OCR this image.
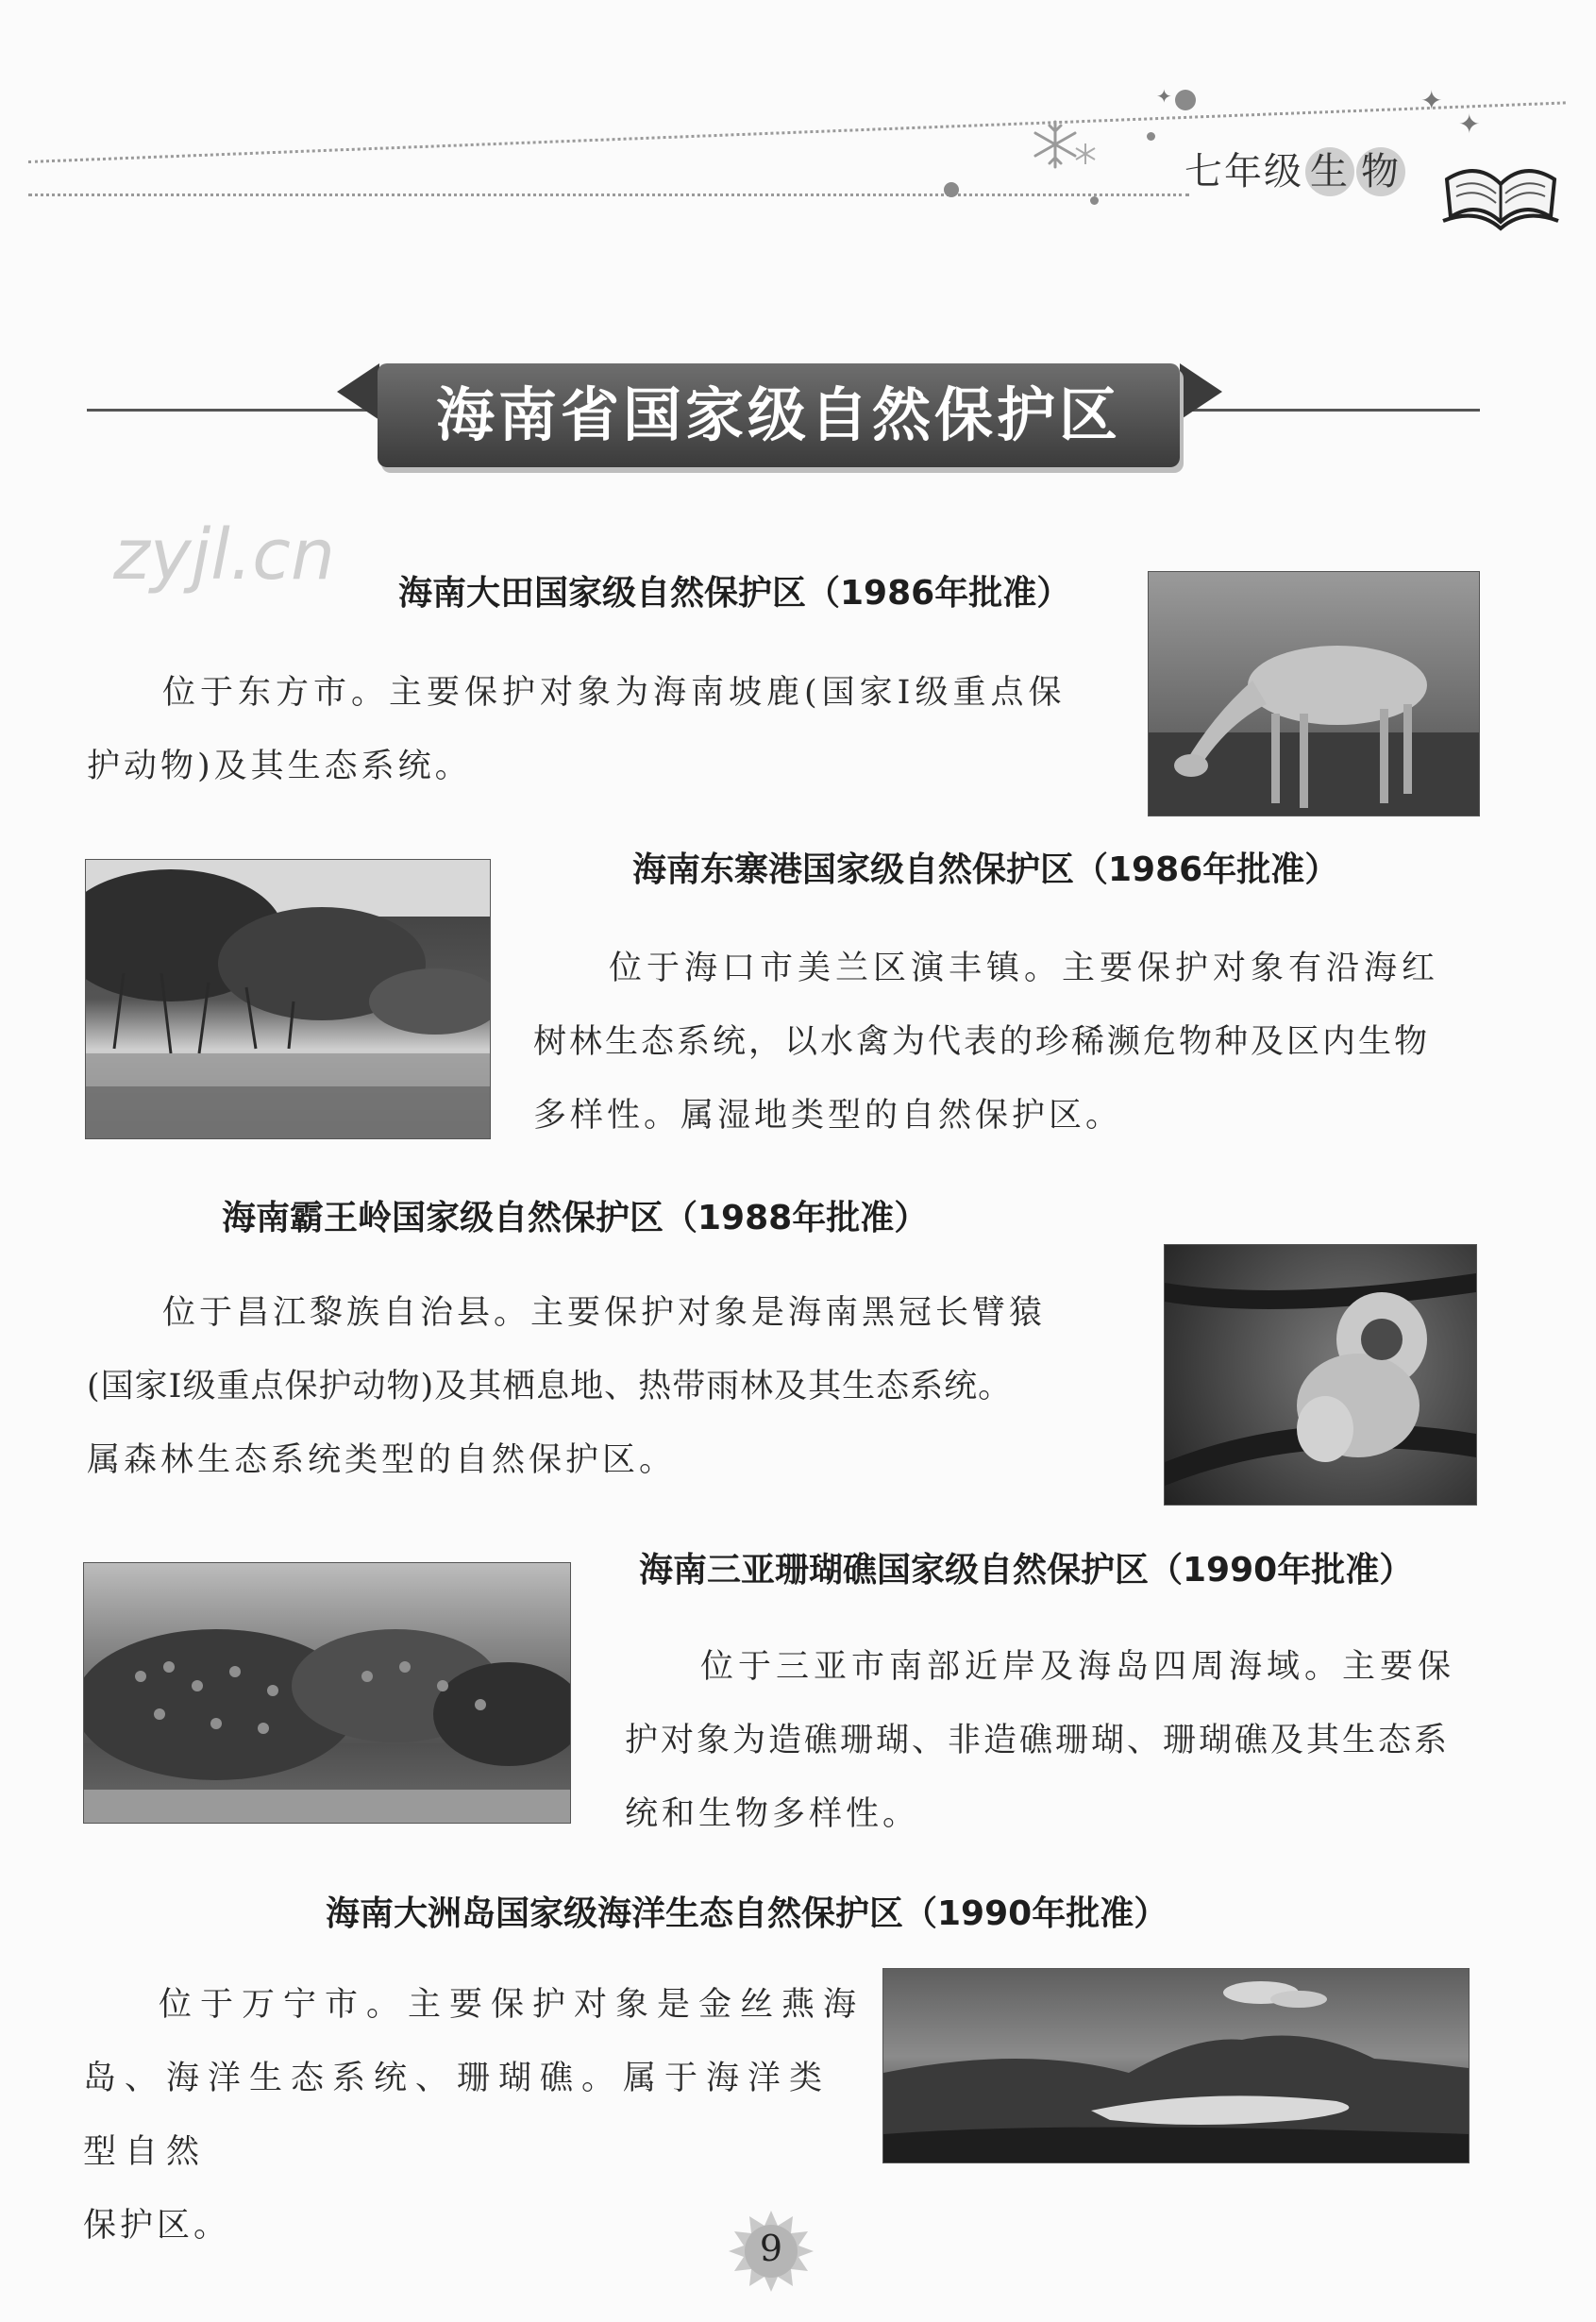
✦
✦
✦
七年级 生 物
海南省国家级自然保护区
zyjl.cn 海南大田国家级自然保护区（1986年批准）

位于东方市。主要保护对象为海南坡鹿(国家Ⅰ级重点保

护动物)及其生态系统。

海南东寨港国家级自然保护区（1986年批准）

位于海口市美兰区演丰镇。主要保护对象有沿海红

树林生态系统，以水禽为代表的珍稀濒危物种及区内生物

多样性。属湿地类型的自然保护区。

海南霸王岭国家级自然保护区（1988年批准）

位于昌江黎族自治县。主要保护对象是海南黑冠长臂猿

(国家Ⅰ级重点保护动物)及其栖息地、热带雨林及其生态系统。

属森林生态系统类型的自然保护区。

海南三亚珊瑚礁国家级自然保护区（1990年批准）

位于三亚市南部近岸及海岛四周海域。主要保

护对象为造礁珊瑚、非造礁珊瑚、珊瑚礁及其生态系

统和生物多样性。

海南大洲岛国家级海洋生态自然保护区（1990年批准）

位于万宁市。主要保护对象是金丝燕海

岛、海洋生态系统、珊瑚礁。属于海洋类型自然

保护区。

9
